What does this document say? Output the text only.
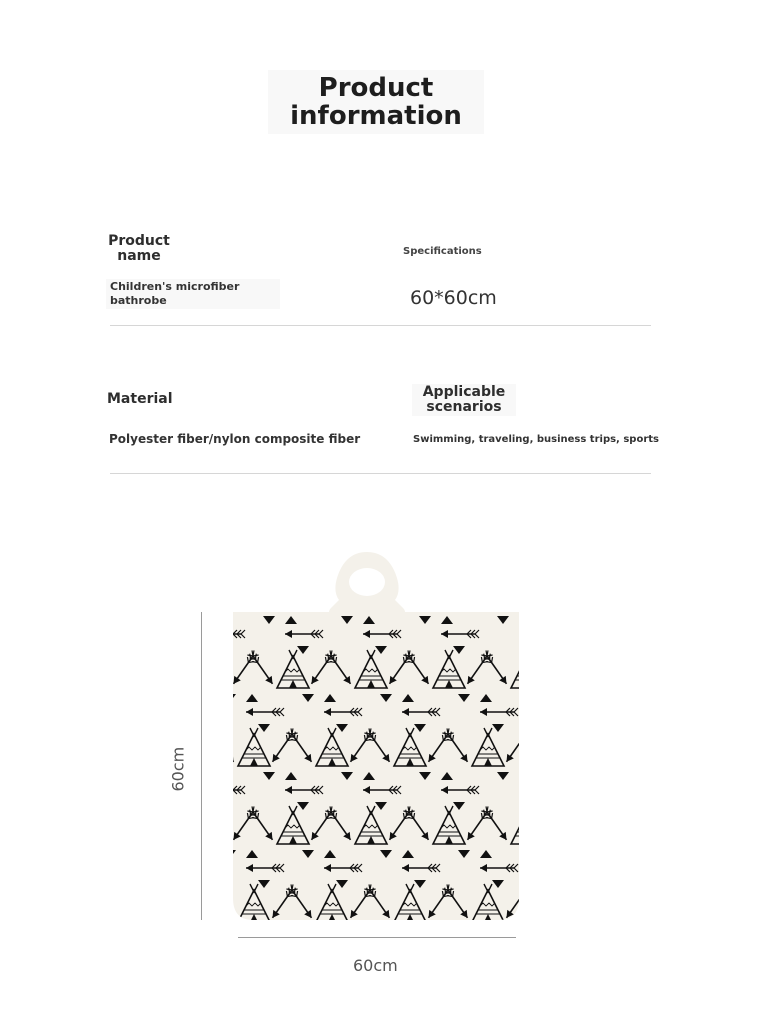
Product
information
Product
name	Specifications
Children's microfiber
bathrobe	60*60cm
Material	Applicable
scenarios
Polyester fiber/nylon composite fiber	Swimming, traveling, business trips, sports
60cm
60cm
